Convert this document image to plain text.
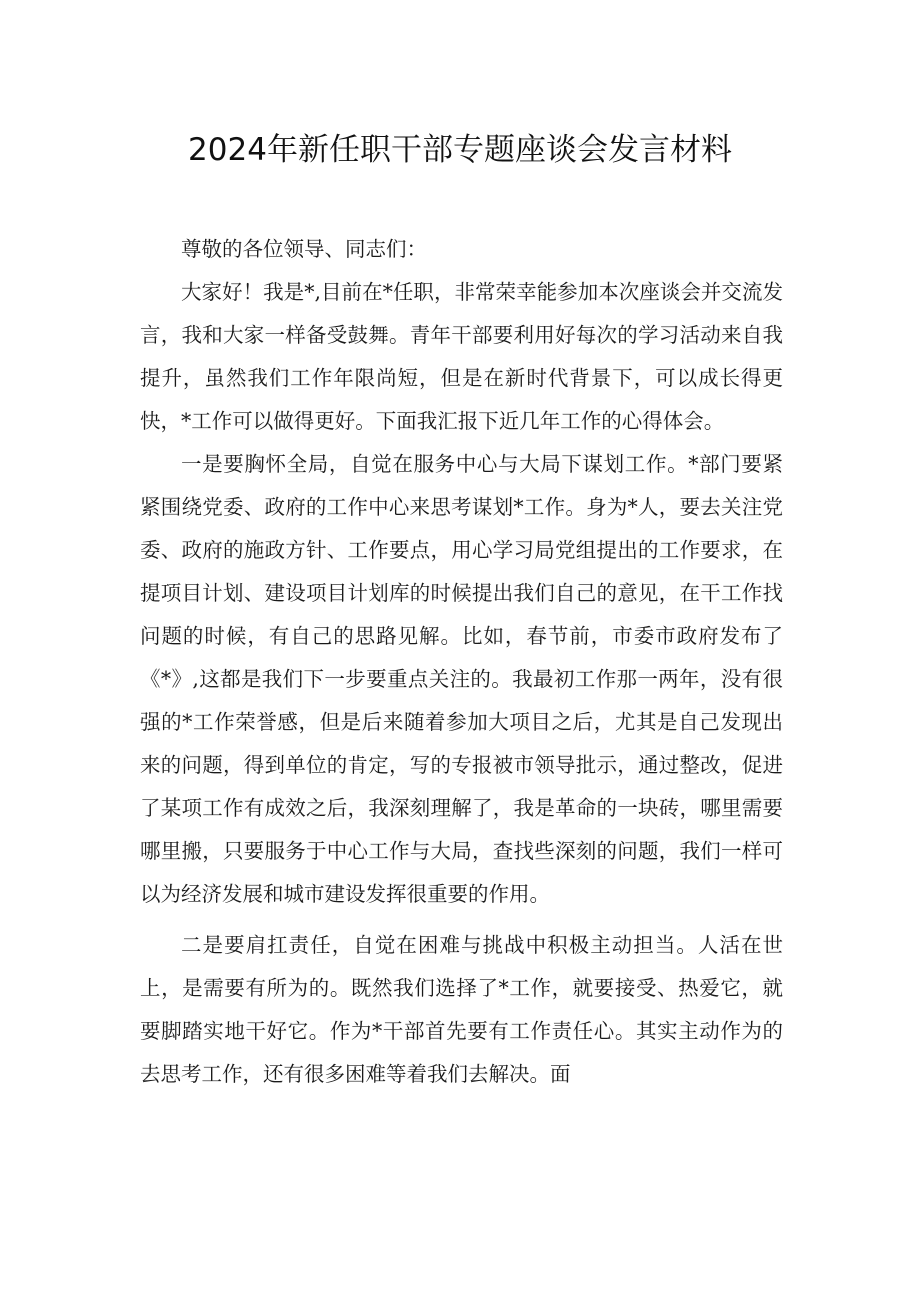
2024年新任职干部专题座谈会发言材料

尊敬的各位领导、同志们：

大家好！我是*,目前在*任职，非常荣幸能参加本次座谈会并交流发言，我和大家一样备受鼓舞。青年干部要利用好每次的学习活动来自我提升，虽然我们工作年限尚短，但是在新时代背景下，可以成长得更快，*工作可以做得更好。下面我汇报下近几年工作的心得体会。

一是要胸怀全局，自觉在服务中心与大局下谋划工作。*部门要紧紧围绕党委、政府的工作中心来思考谋划*工作。身为*人，要去关注党委、政府的施政方针、工作要点，用心学习局党组提出的工作要求，在提项目计划、建设项目计划库的时候提出我们自己的意见，在干工作找问题的时候，有自己的思路见解。比如，春节前，市委市政府发布了《*》,这都是我们下一步要重点关注的。我最初工作那一两年，没有很强的*工作荣誉感，但是后来随着参加大项目之后，尤其是自己发现出来的问题，得到单位的肯定，写的专报被市领导批示，通过整改，促进了某项工作有成效之后，我深刻理解了，我是革命的一块砖，哪里需要哪里搬，只要服务于中心工作与大局，查找些深刻的问题，我们一样可以为经济发展和城市建设发挥很重要的作用。

二是要肩扛责任，自觉在困难与挑战中积极主动担当。人活在世上，是需要有所为的。既然我们选择了*工作，就要接受、热爱它，就要脚踏实地干好它。作为*干部首先要有工作责任心。其实主动作为的去思考工作，还有很多困难等着我们去解决。面
